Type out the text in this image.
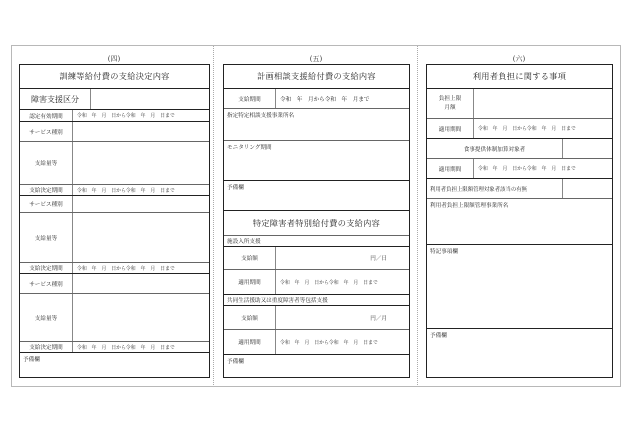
(四)	(五)	(六)
訓練等給付費の支給決定内容
障害支援区分
認定有効期間	令和　年　月　日から令和　年　月　日まで
サービス種別
支給量等
支給決定期間	令和　年　月　日から令和　年　月　日まで
サービス種別
支給量等
支給決定期間	令和　年　月　日から令和　年　月　日まで
サービス種別
支給量等
支給決定期間	令和　年　月　日から令和　年　月　日まで
予備欄
計画相談支援給付費の支給内容
支給期間	令和　年　月から令和　年　月まで
指定特定相談支援事業所名
モニタリング期間
予備欄
特定障害者特別給付費の支給内容
施設入所支援
支給額	円／日
適用期間	令和　年　月　日から令和　年　月　日まで
共同生活援助又は重度障害者等包括支援
支給額	円／月
適用期間	令和　年　月　日から令和　年　月　日まで
予備欄
利用者負担に関する事項
負担上限
月額
適用期間	令和　年　月　日から令和　年　月　日まで
食事提供体制加算対象者
適用期間	令和　年　月　日から令和　年　月　日まで
利用者負担上限額管理対象者該当の有無
利用者負担上限額管理事業所名
特記事項欄
予備欄
